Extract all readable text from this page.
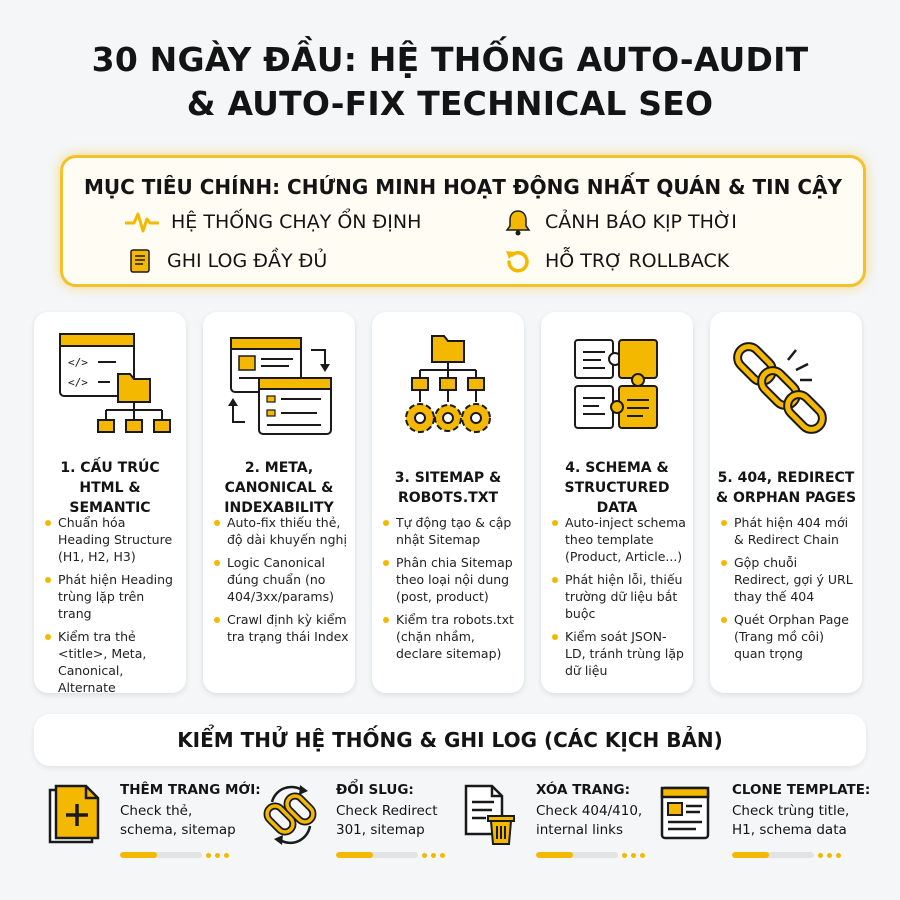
30 NGÀY ĐẦU: HỆ THỐNG AUTO-AUDIT
& AUTO-FIX TECHNICAL SEO
MỤC TIÊU CHÍNH: CHỨNG MINH HOẠT ĐỘNG NHẤT QUÁN & TIN CẬY
HỆ THỐNG CHẠY ỔN ĐỊNH	CẢNH BÁO KỊP THỜI
GHI LOG ĐẦY ĐỦ	HỖ TRỢ ROLLBACK
</>
</>
1. CẤU TRÚC HTML & SEMANTIC
Chuẩn hóa Heading Structure (H1, H2, H3)
Phát hiện Heading trùng lặp trên trang
Kiểm tra thẻ <title>, Meta, Canonical, Alternate
2. META, CANONICAL & INDEXABILITY
Auto-fix thiếu thẻ, độ dài khuyến nghị
Logic Canonical đúng chuẩn (no 404/3xx/params)
Crawl định kỳ kiểm tra trạng thái Index
3. SITEMAP & ROBOTS.TXT
Tự động tạo & cập nhật Sitemap
Phân chia Sitemap theo loại nội dung (post, product)
Kiểm tra robots.txt (chặn nhầm, declare sitemap)
4. SCHEMA & STRUCTURED DATA
Auto-inject schema theo template (Product, Article...)
Phát hiện lỗi, thiếu trường dữ liệu bắt buộc
Kiểm soát JSON-LD, tránh trùng lặp dữ liệu
5. 404, REDIRECT & ORPHAN PAGES
Phát hiện 404 mới & Redirect Chain
Gộp chuỗi Redirect, gợi ý URL thay thế 404
Quét Orphan Page (Trang mồ côi) quan trọng
KIỂM THỬ HỆ THỐNG & GHI LOG (CÁC KỊCH BẢN)
THÊM TRANG MỚI:
Check thẻ, schema, sitemap
ĐỔI SLUG:
Check Redirect 301, sitemap
XÓA TRANG:
Check 404/410, internal links
CLONE TEMPLATE:
Check trùng title, H1, schema data
